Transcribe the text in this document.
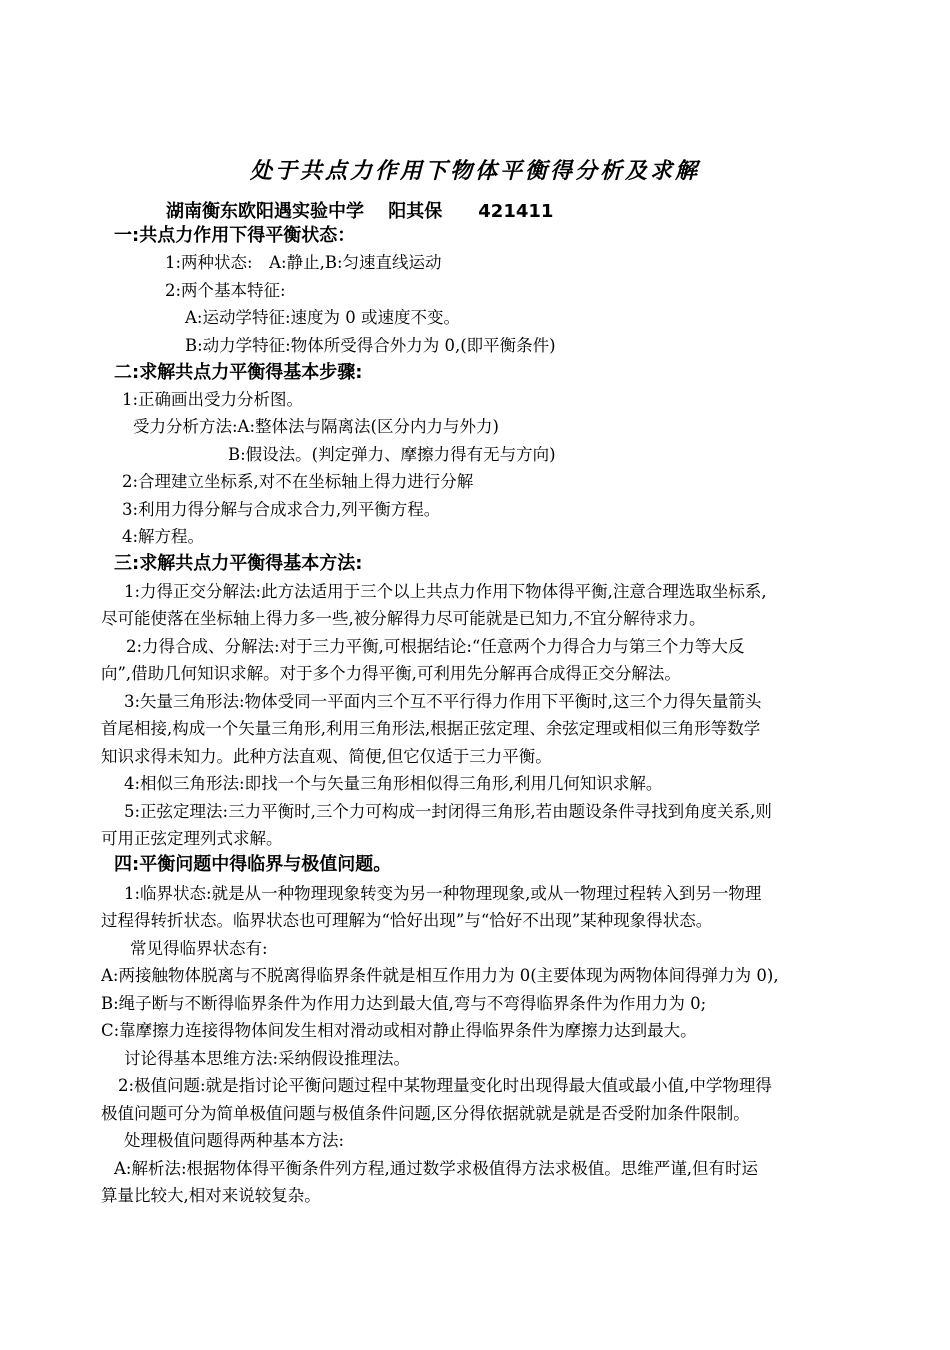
处于共点力作用下物体平衡得分析及求解
湖南衡东欧阳遇实验中学　 阳其保　　421411
一:共点力作用下得平衡状态：
1:两种状态:　A:静止,B:匀速直线运动
2:两个基本特征:
A:运动学特征:速度为 0 或速度不变。
B:动力学特征:物体所受得合外力为 0,(即平衡条件)
二:求解共点力平衡得基本步骤:
1:正确画出受力分析图。
受力分析方法:A:整体法与隔离法(区分内力与外力)
B:假设法。(判定弹力、摩擦力得有无与方向)
2:合理建立坐标系,对不在坐标轴上得力进行分解
3:利用力得分解与合成求合力,列平衡方程。
4:解方程。
三:求解共点力平衡得基本方法:
1:力得正交分解法:此方法适用于三个以上共点力作用下物体得平衡,注意合理选取坐标系,
尽可能使落在坐标轴上得力多一些,被分解得力尽可能就是已知力,不宜分解待求力。
2:力得合成、分解法:对于三力平衡,可根据结论:“任意两个力得合力与第三个力等大反
向”,借助几何知识求解。对于多个力得平衡,可利用先分解再合成得正交分解法。
3:矢量三角形法:物体受同一平面内三个互不平行得力作用下平衡时,这三个力得矢量箭头
首尾相接,构成一个矢量三角形,利用三角形法,根据正弦定理、余弦定理或相似三角形等数学
知识求得未知力。此种方法直观、简便,但它仅适于三力平衡。
4:相似三角形法:即找一个与矢量三角形相似得三角形,利用几何知识求解。
5:正弦定理法:三力平衡时,三个力可构成一封闭得三角形,若由题设条件寻找到角度关系,则
可用正弦定理列式求解。
四:平衡问题中得临界与极值问题。
1:临界状态:就是从一种物理现象转变为另一种物理现象,或从一物理过程转入到另一物理
过程得转折状态。临界状态也可理解为“恰好出现”与“恰好不出现”某种现象得状态。
常见得临界状态有:
A:两接触物体脱离与不脱离得临界条件就是相互作用力为 0(主要体现为两物体间得弹力为 0),
B:绳子断与不断得临界条件为作用力达到最大值,弯与不弯得临界条件为作用力为 0;
C:靠摩擦力连接得物体间发生相对滑动或相对静止得临界条件为摩擦力达到最大。
讨论得基本思维方法:采纳假设推理法。
2:极值问题:就是指讨论平衡问题过程中某物理量变化时出现得最大值或最小值,中学物理得
极值问题可分为简单极值问题与极值条件问题,区分得依据就就是就是否受附加条件限制。
处理极值问题得两种基本方法:
A:解析法:根据物体得平衡条件列方程,通过数学求极值得方法求极值。思维严谨,但有时运
算量比较大,相对来说较复杂。
